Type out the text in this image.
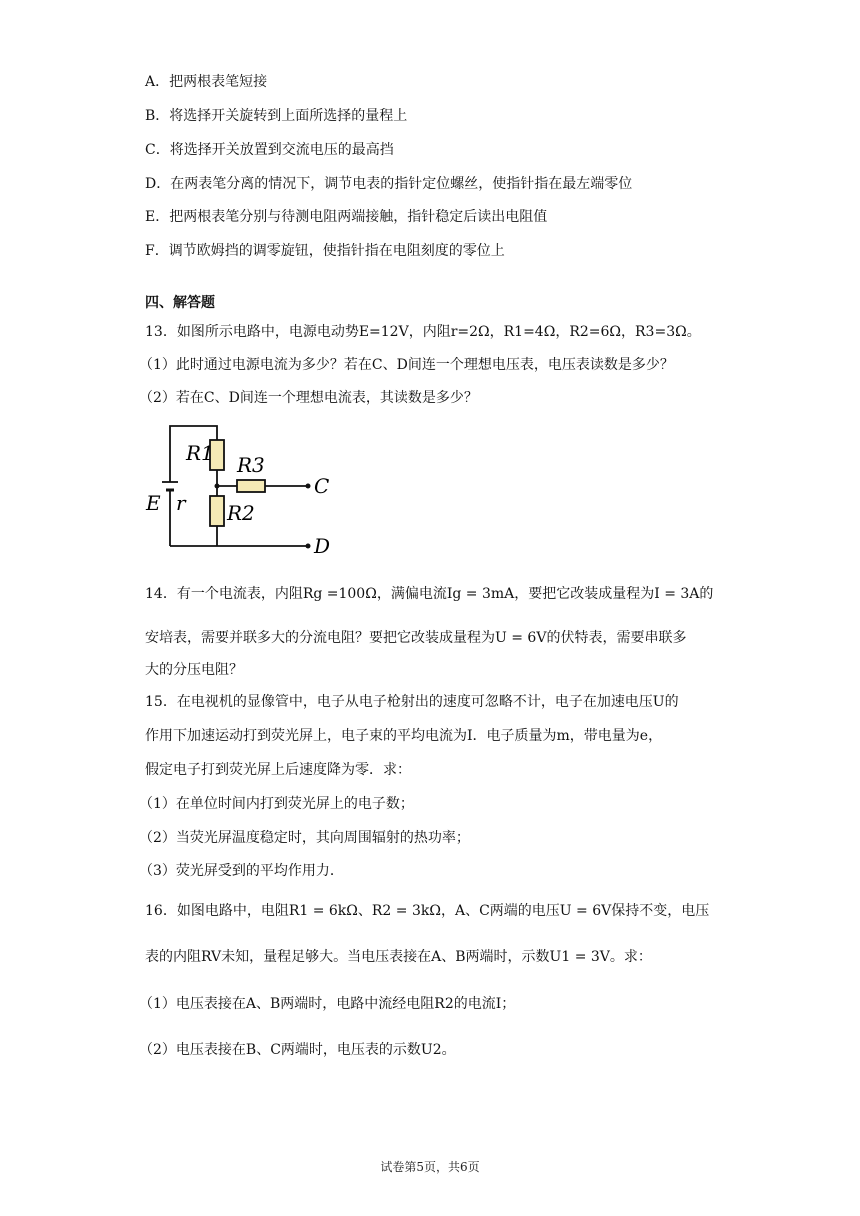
A．把两根表笔短接
B．将选择开关旋转到上面所选择的量程上
C．将选择开关放置到交流电压的最高挡
D．在两表笔分离的情况下，调节电表的指针定位螺丝，使指针指在最左端零位
E．把两根表笔分别与待测电阻两端接触，指针稳定后读出电阻值
F．调节欧姆挡的调零旋钮，使指针指在电阻刻度的零位上
四、解答题
13．如图所示电路中，电源电动势E=12V，内阻r=2Ω，R1=4Ω，R2=6Ω，R3=3Ω。
（1）此时通过电源电流为多少？若在C、D间连一个理想电压表，电压表读数是多少？
（2）若在C、D间连一个理想电流表，其读数是多少？
R1 R3
R2
E r
C
D
14．有一个电流表，内阻Rg =100Ω，满偏电流Ig = 3mA，要把它改装成量程为I = 3A的
安培表，需要并联多大的分流电阻？要把它改装成量程为U = 6V的伏特表，需要串联多
大的分压电阻？
15．在电视机的显像管中，电子从电子枪射出的速度可忽略不计，电子在加速电压U的
作用下加速运动打到荧光屏上，电子束的平均电流为I．电子质量为m，带电量为e，
假定电子打到荧光屏上后速度降为零．求：
（1）在单位时间内打到荧光屏上的电子数；
（2）当荧光屏温度稳定时，其向周围辐射的热功率；
（3）荧光屏受到的平均作用力．
16．如图电路中，电阻R1 = 6kΩ、R2 = 3kΩ，A、C两端的电压U = 6V保持不变，电压
表的内阻RV未知，量程足够大。当电压表接在A、B两端时，示数U1 = 3V。求：
（1）电压表接在A、B两端时，电路中流经电阻R2的电流I；
（2）电压表接在B、C两端时，电压表的示数U2。
试卷第5页，共6页
